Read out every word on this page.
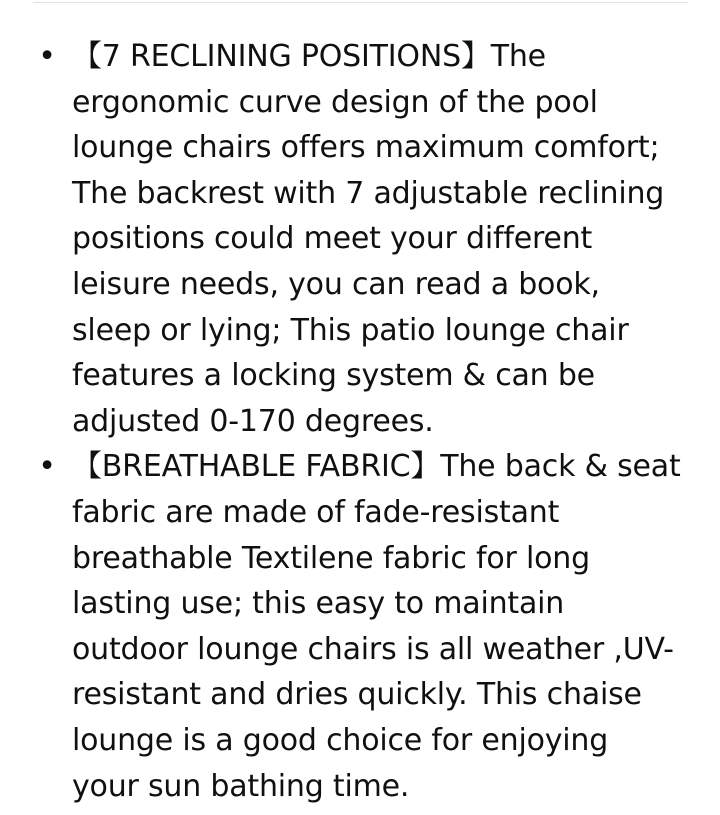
• 【7 RECLINING POSITIONS】The ergonomic curve design of the pool lounge chairs offers maximum comfort; The backrest with 7 adjustable reclining positions could meet your different leisure needs, you can read a book, sleep or lying; This patio lounge chair features a locking system & can be adjusted 0-170 degrees.
• 【BREATHABLE FABRIC】The back & seat fabric are made of fade-resistant breathable Textilene fabric for long lasting use; this easy to maintain outdoor lounge chairs is all weather ,UV-resistant and dries quickly. This chaise lounge is a good choice for enjoying your sun bathing time.
